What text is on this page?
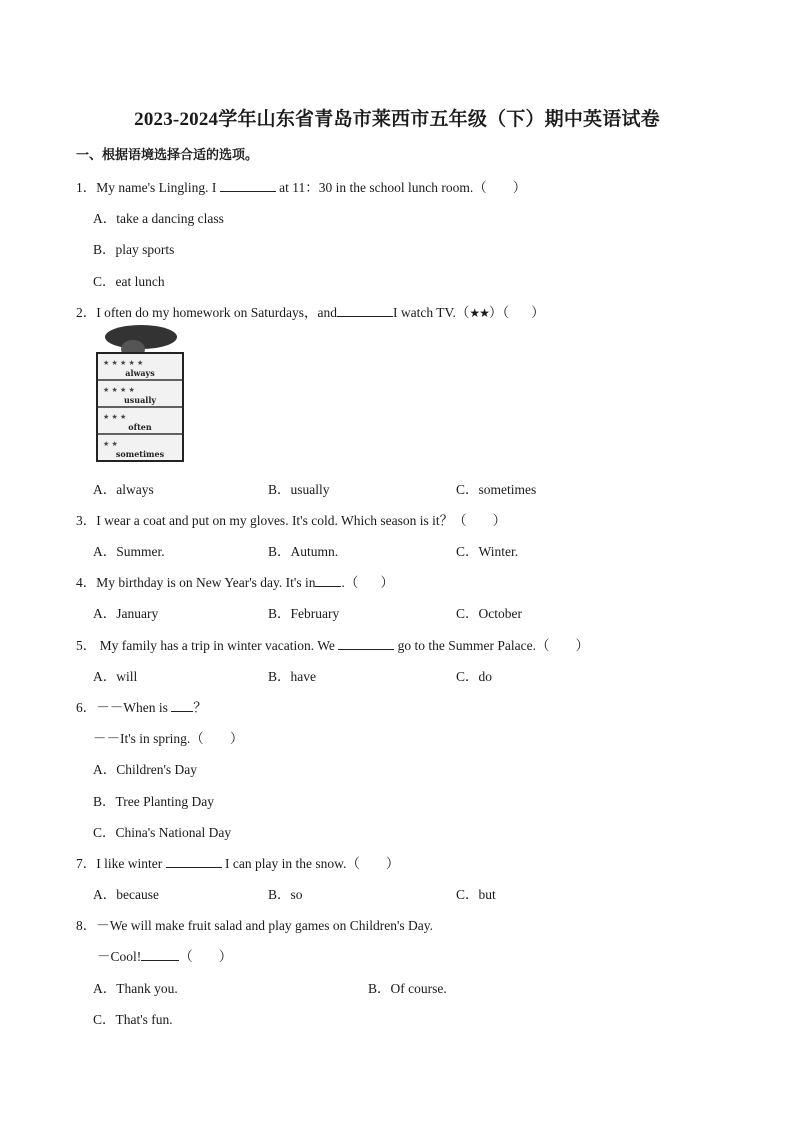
2023-2024学年山东省青岛市莱西市五年级（下）期中英语试卷
一、根据语境选择合适的选项。
1．My name's Lingling. I	at 11：30 in the school lunch room.（ ）
A．take a dancing class
B．play sports
C．eat lunch
2．I often do my homework on Saturdays，and	I watch TV.（★★）（ ）
★ ★ ★ ★ ★
★ ★ ★ ★
★ ★ ★
★ ★
always
usually
often
sometimes
A．always	B．usually	C．sometimes
3．I wear a coat and put on my gloves. It's cold. Which season is it？（ ）
A．Summer.	B．Autumn.	C．Winter.
4．My birthday is on New Year's day. It's in .（ ）
A．January	B．February	C．October
5． My family has a trip in winter vacation. We	go to the Summer Palace.（ ）
A．will	B．have	C．do
6．－－When is ？
－－It's in spring.（ ）
A．Children's Day
B．Tree Planting Day
C．China's National Day
7．I like winter	I can play in the snow.（ ）
A．because	B．so	C．but
8．－We will make fruit salad and play games on Children's Day.
－Cool!	（ ）
A．Thank you.	B．Of course.
C．That's fun.
